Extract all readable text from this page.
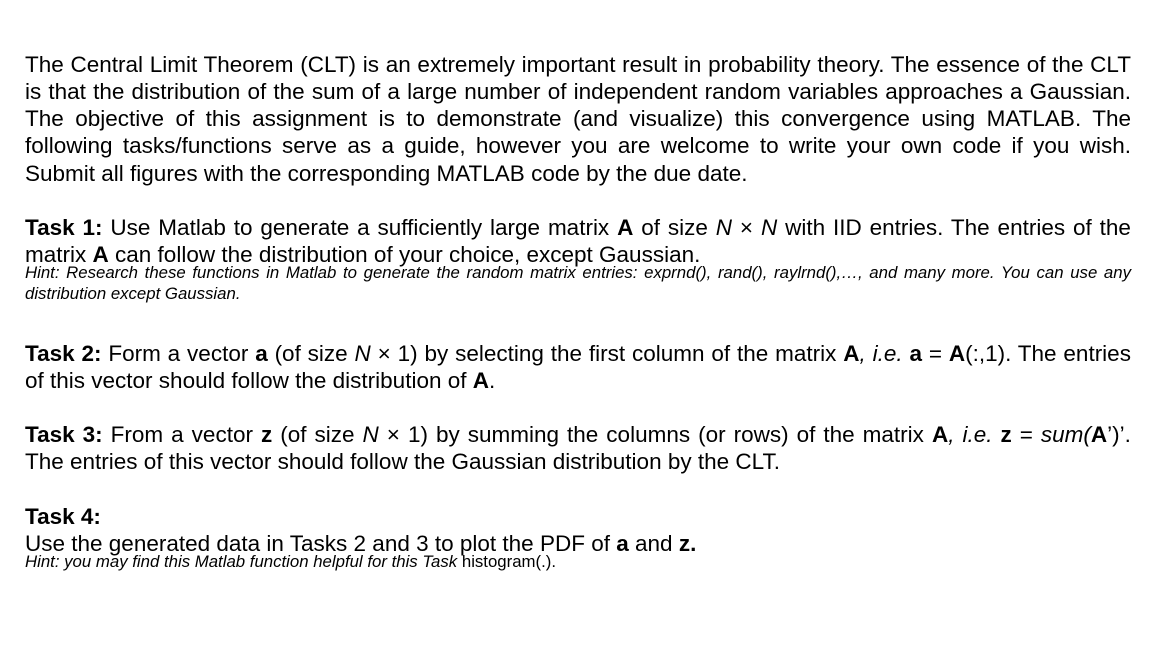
The Central Limit Theorem (CLT) is an extremely important result in probability theory. The essence of the CLT is that the distribution of the sum of a large number of independent random variables approaches a Gaussian. The objective of this assignment is to demonstrate (and visualize) this convergence using MATLAB. The following tasks/functions serve as a guide, however you are welcome to write your own code if you wish. Submit all figures with the corresponding MATLAB code by the due date.

Task 1: Use Matlab to generate a sufficiently large matrix A of size N × N with IID entries. The entries of the matrix A can follow the distribution of your choice, except Gaussian.

Hint: Research these functions in Matlab to generate the random matrix entries: exprnd(), rand(), raylrnd(),…, and many more. You can use any distribution except Gaussian.

Task 2: Form a vector a (of size N × 1) by selecting the first column of the matrix A, i.e. a = A(:,1). The entries of this vector should follow the distribution of A.

Task 3: From a vector z (of size N × 1) by summing the columns (or rows) of the matrix A, i.e. z = sum(A’)’. The entries of this vector should follow the Gaussian distribution by the CLT.

Task 4:
Use the generated data in Tasks 2 and 3 to plot the PDF of a and z.

Hint: you may find this Matlab function helpful for this Task histogram(.).
